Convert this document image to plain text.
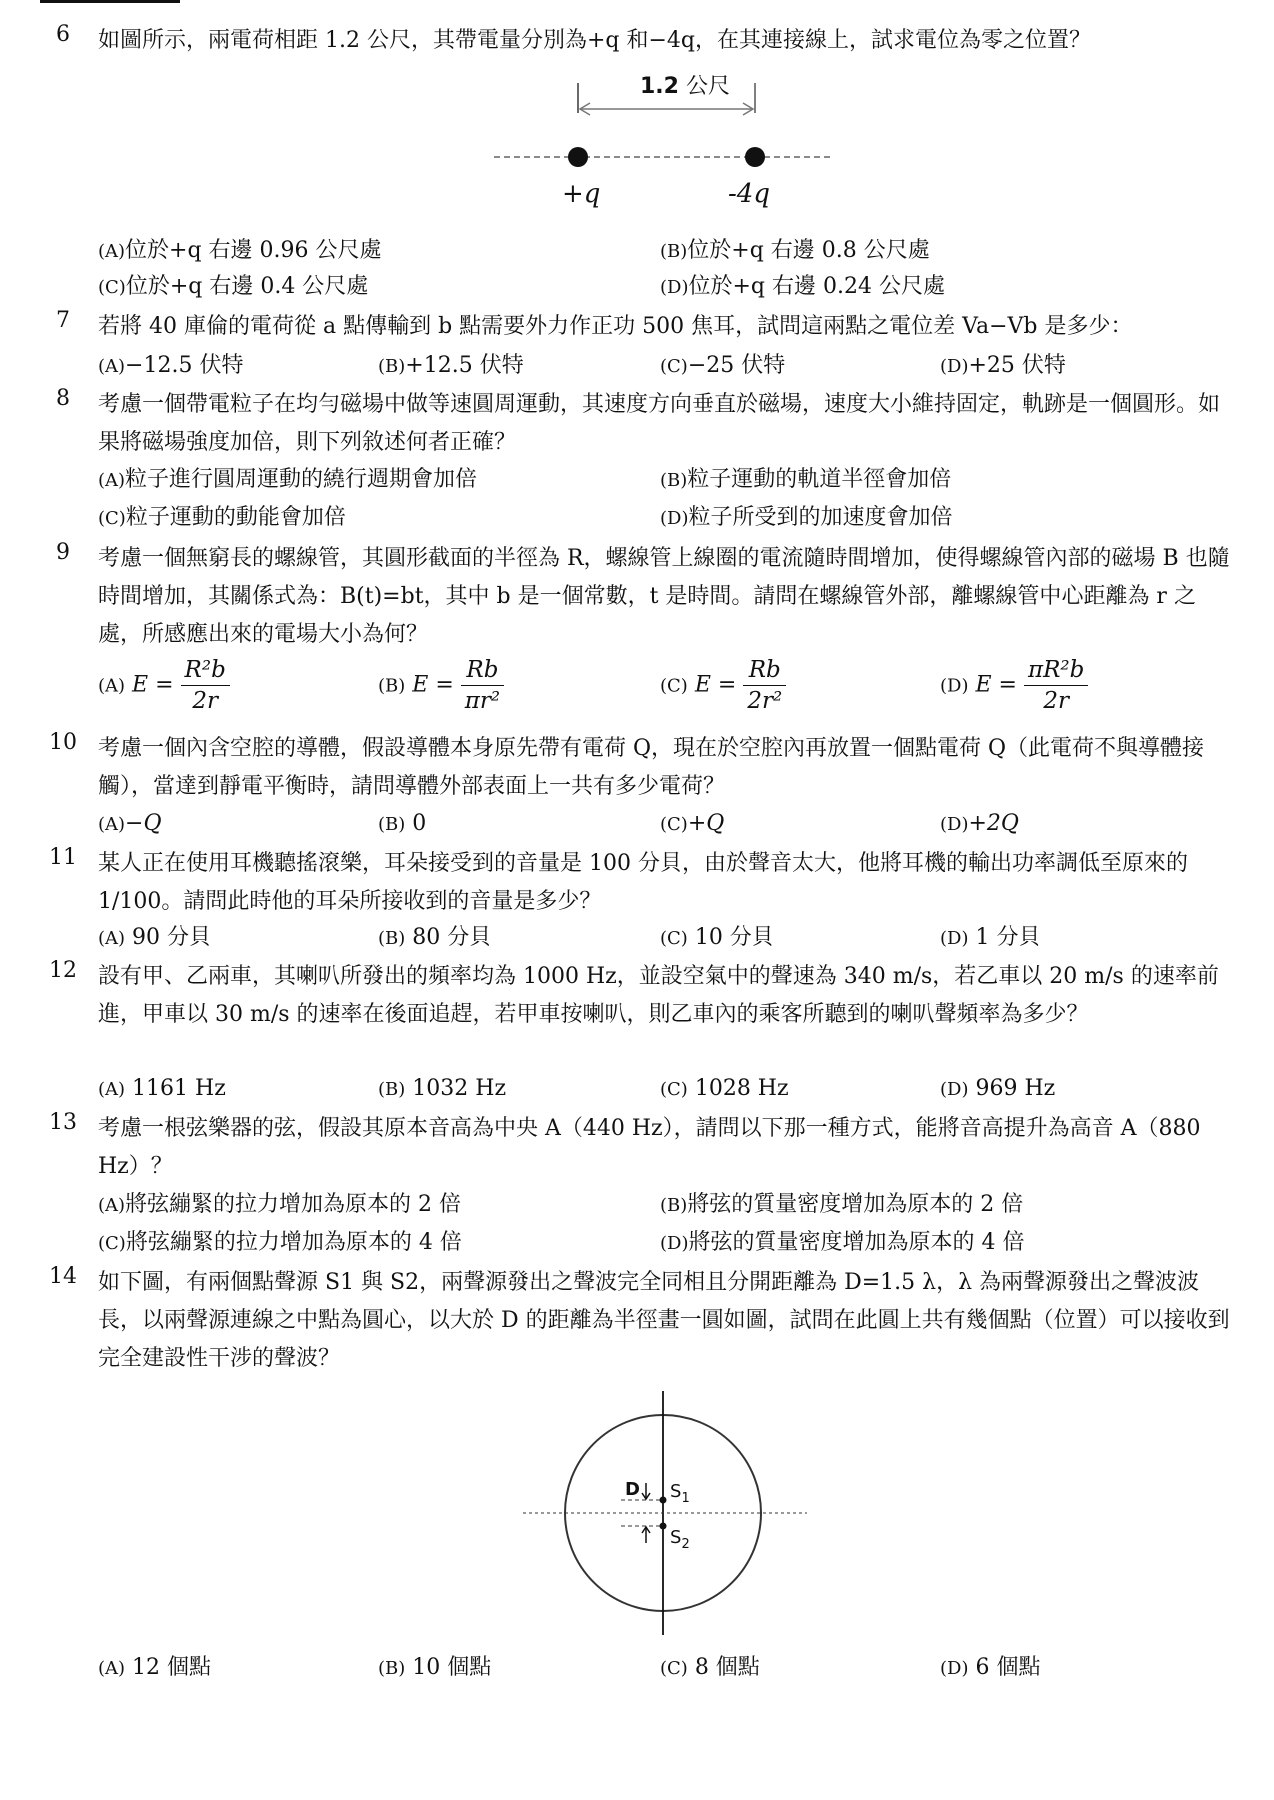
6	如圖所示，兩電荷相距 1.2 公尺，其帶電量分別為+q 和−4q，在其連接線上，試求電位為零之位置？
1.2 公尺
+q	-4q
(A)位於+q 右邊 0.96 公尺處	(B)位於+q 右邊 0.8 公尺處
(C)位於+q 右邊 0.4 公尺處	(D)位於+q 右邊 0.24 公尺處
7	若將 40 庫倫的電荷從 a 點傳輸到 b 點需要外力作正功 500 焦耳，試問這兩點之電位差 Va−Vb 是多少：
(A)−12.5 伏特	(B)+12.5 伏特	(C)−25 伏特	(D)+25 伏特
8	考慮一個帶電粒子在均勻磁場中做等速圓周運動，其速度方向垂直於磁場，速度大小維持固定，軌跡是一個圓形。如果將磁場強度加倍，則下列敘述何者正確？
(A)粒子進行圓周運動的繞行週期會加倍	(B)粒子運動的軌道半徑會加倍
(C)粒子運動的動能會加倍	(D)粒子所受到的加速度會加倍
9	考慮一個無窮長的螺線管，其圓形截面的半徑為 R，螺線管上線圈的電流隨時間增加，使得螺線管內部的磁場 B 也隨時間增加，其關係式為：B(t)=bt，其中 b 是一個常數，t 是時間。請問在螺線管外部，離螺線管中心距離為 r 之處，所感應出來的電場大小為何？
(A) $E = \frac{\text{R²b}}{2r}$	(B) $E = \frac{Rb}{\text{πr²}}$	(C) $E = \frac{Rb}{\text{2r²}}$	(D) $E = \frac{\text{πR²b}}{2r}$
10 考慮一個內含空腔的導體，假設導體本身原先帶有電荷 Q，現在於空腔內再放置一個點電荷 Q（此電荷不與導體接觸），當達到靜電平衡時，請問導體外部表面上一共有多少電荷？
(A)−Q	(B) 0	(C)+Q	(D)+2Q
11 某人正在使用耳機聽搖滾樂，耳朵接受到的音量是 100 分貝，由於聲音太大，他將耳機的輸出功率調低至原來的 1/100。請問此時他的耳朵所接收到的音量是多少？
(A) 90 分貝	(B) 80 分貝	(C) 10 分貝	(D) 1 分貝
12 設有甲、乙兩車，其喇叭所發出的頻率均為 1000 Hz，並設空氣中的聲速為 340 m/s，若乙車以 20 m/s 的速率前進，甲車以 30 m/s 的速率在後面追趕，若甲車按喇叭，則乙車內的乘客所聽到的喇叭聲頻率為多少？
(A) 1161 Hz	(B) 1032 Hz	(C) 1028 Hz	(D) 969 Hz
13 考慮一根弦樂器的弦，假設其原本音高為中央 A（440 Hz），請問以下那一種方式，能將音高提升為高音 A（880 Hz）？
(A)將弦繃緊的拉力增加為原本的 2 倍	(B)將弦的質量密度增加為原本的 2 倍
(C)將弦繃緊的拉力增加為原本的 4 倍	(D)將弦的質量密度增加為原本的 4 倍
14 如下圖，有兩個點聲源 S1 與 S2，兩聲源發出之聲波完全同相且分開距離為 D=1.5 λ，λ 為兩聲源發出之聲波波長，以兩聲源連線之中點為圓心，以大於 D 的距離為半徑畫一圓如圖，試問在此圓上共有幾個點（位置）可以接收到完全建設性干涉的聲波？
D $S_1$
$S_2$
(A) 12 個點	(B) 10 個點	(C) 8 個點	(D) 6 個點
